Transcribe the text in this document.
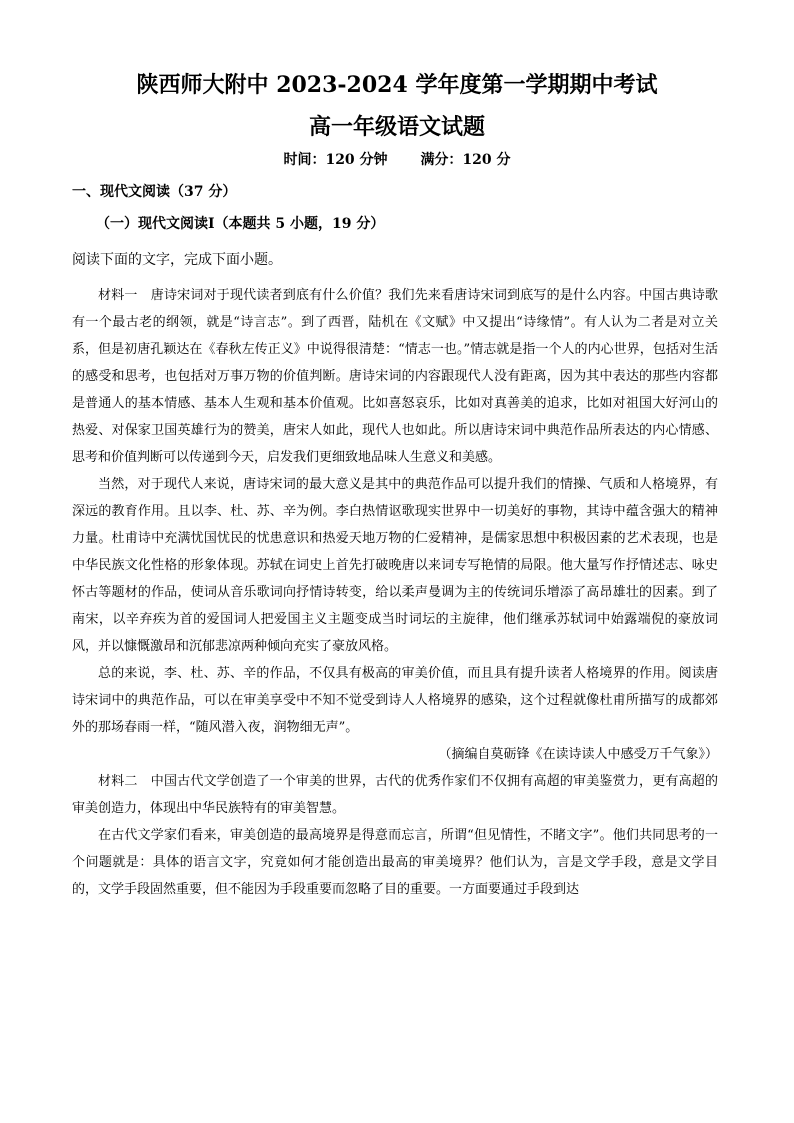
陕西师大附中 2023-2024 学年度第一学期期中考试
高一年级语文试题
时间：120 分钟 满分：120 分
一、现代文阅读（37 分）
（一）现代文阅读Ⅰ（本题共 5 小题，19 分）
阅读下面的文字，完成下面小题。

材料一　唐诗宋词对于现代读者到底有什么价值？我们先来看唐诗宋词到底写的是什么内容。中国古典诗歌有一个最古老的纲领，就是“诗言志”。到了西晋，陆机在《文赋》中又提出“诗缘情”。有人认为二者是对立关系，但是初唐孔颖达在《春秋左传正义》中说得很清楚：“情志一也。”情志就是指一个人的内心世界，包括对生活的感受和思考，也包括对万事万物的价值判断。唐诗宋词的内容跟现代人没有距离，因为其中表达的那些内容都是普通人的基本情感、基本人生观和基本价值观。比如喜怒哀乐，比如对真善美的追求，比如对祖国大好河山的热爱、对保家卫国英雄行为的赞美，唐宋人如此，现代人也如此。所以唐诗宋词中典范作品所表达的内心情感、思考和价值判断可以传递到今天，启发我们更细致地品味人生意义和美感。

当然，对于现代人来说，唐诗宋词的最大意义是其中的典范作品可以提升我们的情操、气质和人格境界，有深远的教育作用。且以李、杜、苏、辛为例。李白热情讴歌现实世界中一切美好的事物，其诗中蕴含强大的精神力量。杜甫诗中充满忧国忧民的忧患意识和热爱天地万物的仁爱精神，是儒家思想中积极因素的艺术表现，也是中华民族文化性格的形象体现。苏轼在词史上首先打破晚唐以来词专写艳情的局限。他大量写作抒情述志、咏史怀古等题材的作品，使词从音乐歌词向抒情诗转变，给以柔声曼调为主的传统词乐增添了高昂雄壮的因素。到了南宋，以辛弃疾为首的爱国词人把爱国主义主题变成当时词坛的主旋律，他们继承苏轼词中始露端倪的豪放词风，并以慷慨激昂和沉郁悲凉两种倾向充实了豪放风格。

总的来说，李、杜、苏、辛的作品，不仅具有极高的审美价值，而且具有提升读者人格境界的作用。阅读唐诗宋词中的典范作品，可以在审美享受中不知不觉受到诗人人格境界的感染，这个过程就像杜甫所描写的成都郊外的那场春雨一样，“随风潜入夜，润物细无声”。

（摘编自莫砺锋《在读诗读人中感受万千气象》）

材料二　中国古代文学创造了一个审美的世界，古代的优秀作家们不仅拥有高超的审美鉴赏力，更有高超的审美创造力，体现出中华民族特有的审美智慧。

在古代文学家们看来，审美创造的最高境界是得意而忘言，所谓“但见情性，不睹文字”。他们共同思考的一个问题就是：具体的语言文字，究竟如何才能创造出最高的审美境界？他们认为，言是文学手段，意是文学目的，文学手段固然重要，但不能因为手段重要而忽略了目的重要。一方面要通过手段到达
